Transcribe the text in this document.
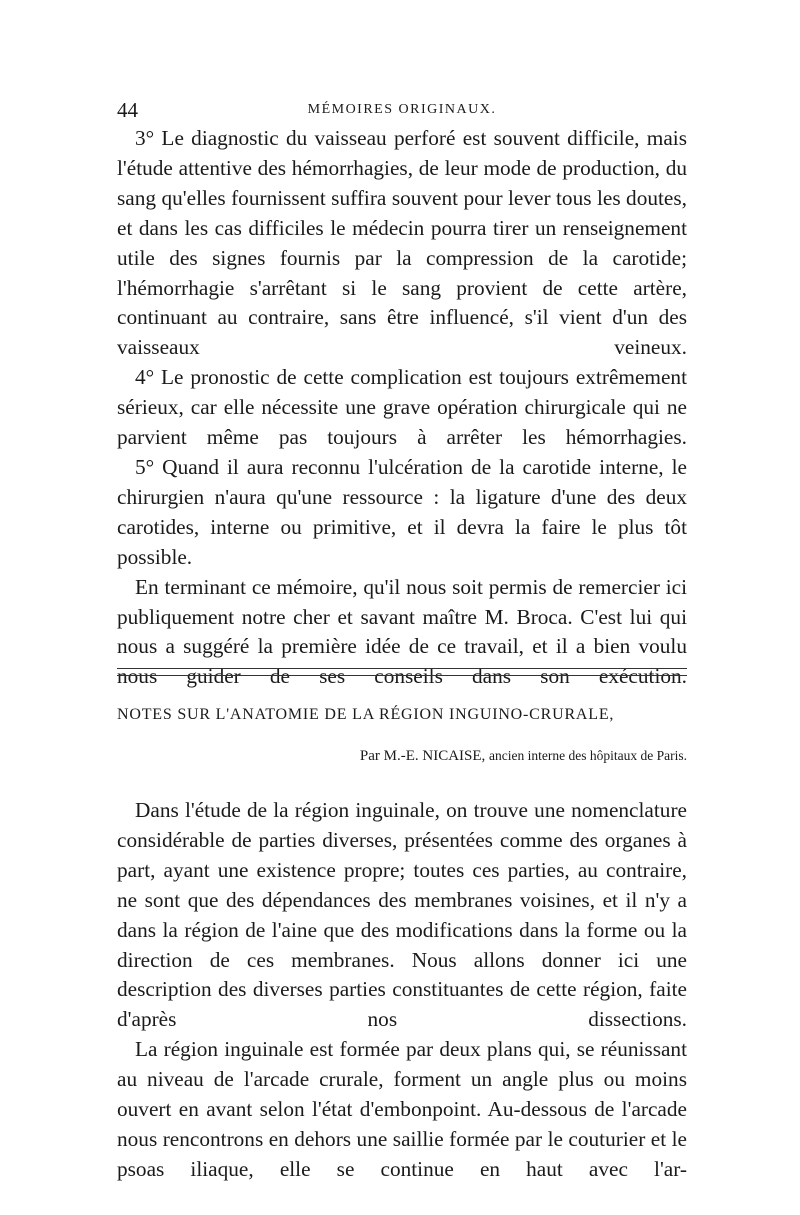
44	MÉMOIRES ORIGINAUX.

3° Le diagnostic du vaisseau perforé est souvent difficile, mais l'étude attentive des hémorrhagies, de leur mode de production, du sang qu'elles fournissent suffira souvent pour lever tous les doutes, et dans les cas difficiles le médecin pourra tirer un renseignement utile des signes fournis par la compression de la carotide; l'hémorrhagie s'arrêtant si le sang provient de cette artère, continuant au contraire, sans être influencé, s'il vient d'un des vaisseaux veineux.

4° Le pronostic de cette complication est toujours extrêmement sérieux, car elle nécessite une grave opération chirurgicale qui ne parvient même pas toujours à arrêter les hémorrhagies.

5° Quand il aura reconnu l'ulcération de la carotide interne, le chirurgien n'aura qu'une ressource : la ligature d'une des deux carotides, interne ou primitive, et il devra la faire le plus tôt possible.

En terminant ce mémoire, qu'il nous soit permis de remercier ici publiquement notre cher et savant maître M. Broca. C'est lui qui nous a suggéré la première idée de ce travail, et il a bien voulu nous guider de ses conseils dans son exécution.

NOTES SUR L'ANATOMIE DE LA RÉGION INGUINO-CRURALE,
Par M.-E. NICAISE, ancien interne des hôpitaux de Paris.

Dans l'étude de la région inguinale, on trouve une nomenclature considérable de parties diverses, présentées comme des organes à part, ayant une existence propre; toutes ces parties, au contraire, ne sont que des dépendances des membranes voisines, et il n'y a dans la région de l'aine que des modifications dans la forme ou la direction de ces membranes. Nous allons donner ici une description des diverses parties constituantes de cette région, faite d'après nos dissections.

La région inguinale est formée par deux plans qui, se réunissant au niveau de l'arcade crurale, forment un angle plus ou moins ouvert en avant selon l'état d'embonpoint. Au-dessous de l'arcade nous rencontrons en dehors une saillie formée par le couturier et le psoas iliaque, elle se continue en haut avec l'ar-
